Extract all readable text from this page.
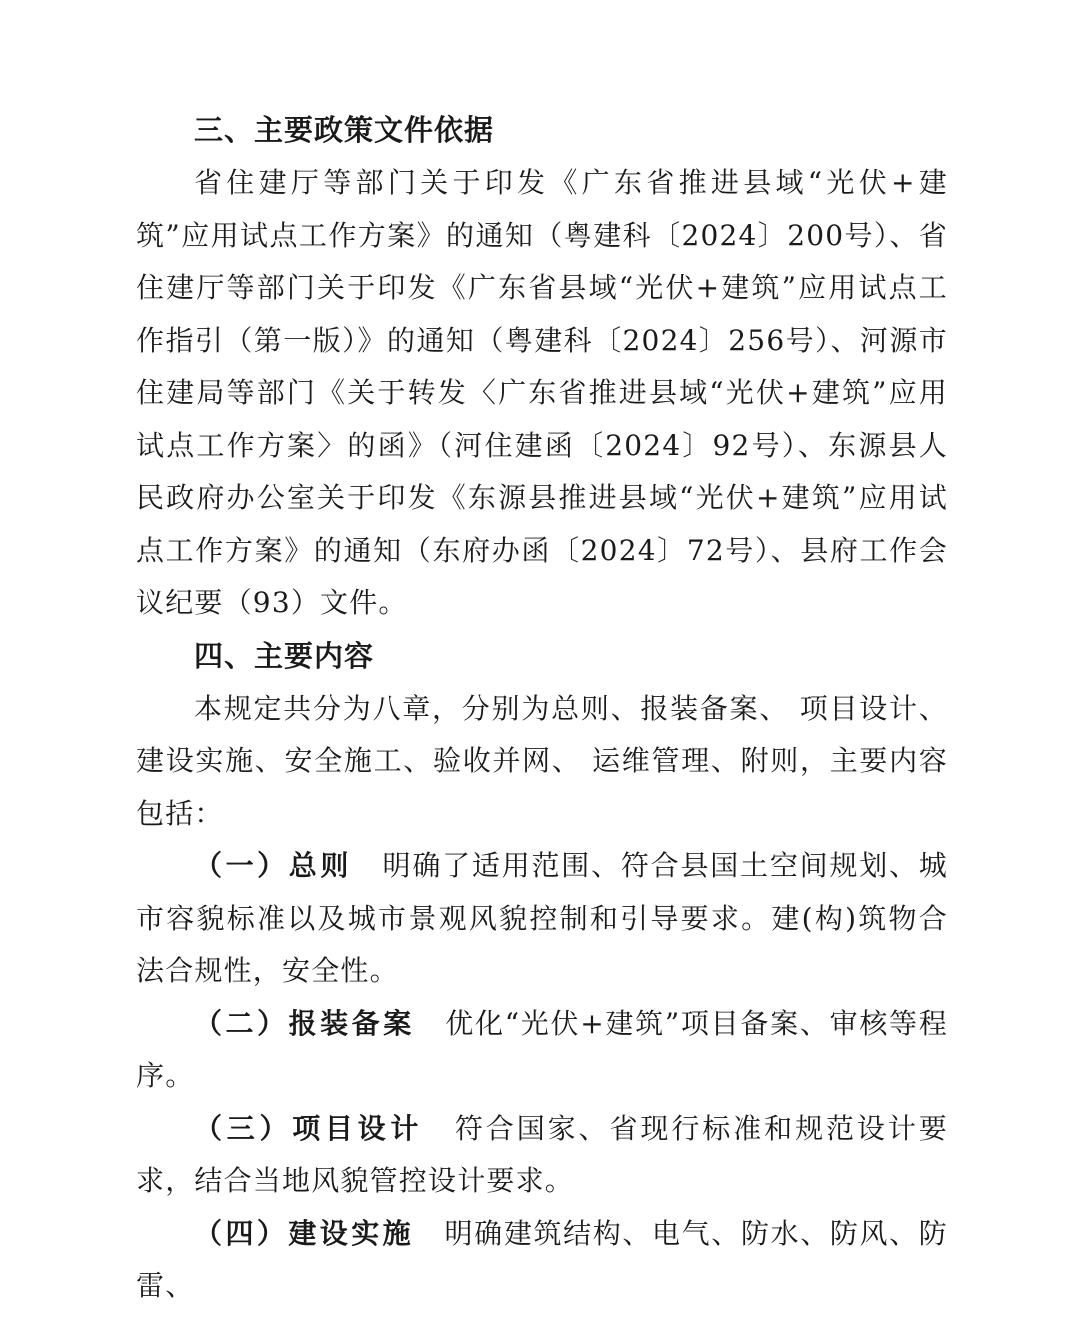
三、主要政策文件依据

省住建厅等部门关于印发《广东省推进县域“光伏+建筑”应用试点工作方案》的通知（粤建科〔2024〕200号）、省住建厅等部门关于印发《广东省县域“光伏+建筑”应用试点工作指引（第一版）》的通知（粤建科〔2024〕256号）、河源市住建局等部门《关于转发〈广东省推进县域“光伏+建筑”应用试点工作方案〉的函》（河住建函〔2024〕92号）、东源县人民政府办公室关于印发《东源县推进县域“光伏+建筑”应用试点工作方案》的通知（东府办函〔2024〕72号）、县府工作会议纪要（93）文件。

四、主要内容

本规定共分为八章，分别为总则、报装备案、 项目设计、建设实施、安全施工、验收并网、 运维管理、附则，主要内容包括：

（一）总则 明确了适用范围、符合县国土空间规划、城市容貌标准以及城市景观风貌控制和引导要求。建(构)筑物合法合规性，安全性。

（二）报装备案 优化“光伏+建筑”项目备案、审核等程序。

（三）项目设计 符合国家、省现行标准和规范设计要求，结合当地风貌管控设计要求。

（四）建设实施 明确建筑结构、电气、防水、防风、防雷、
